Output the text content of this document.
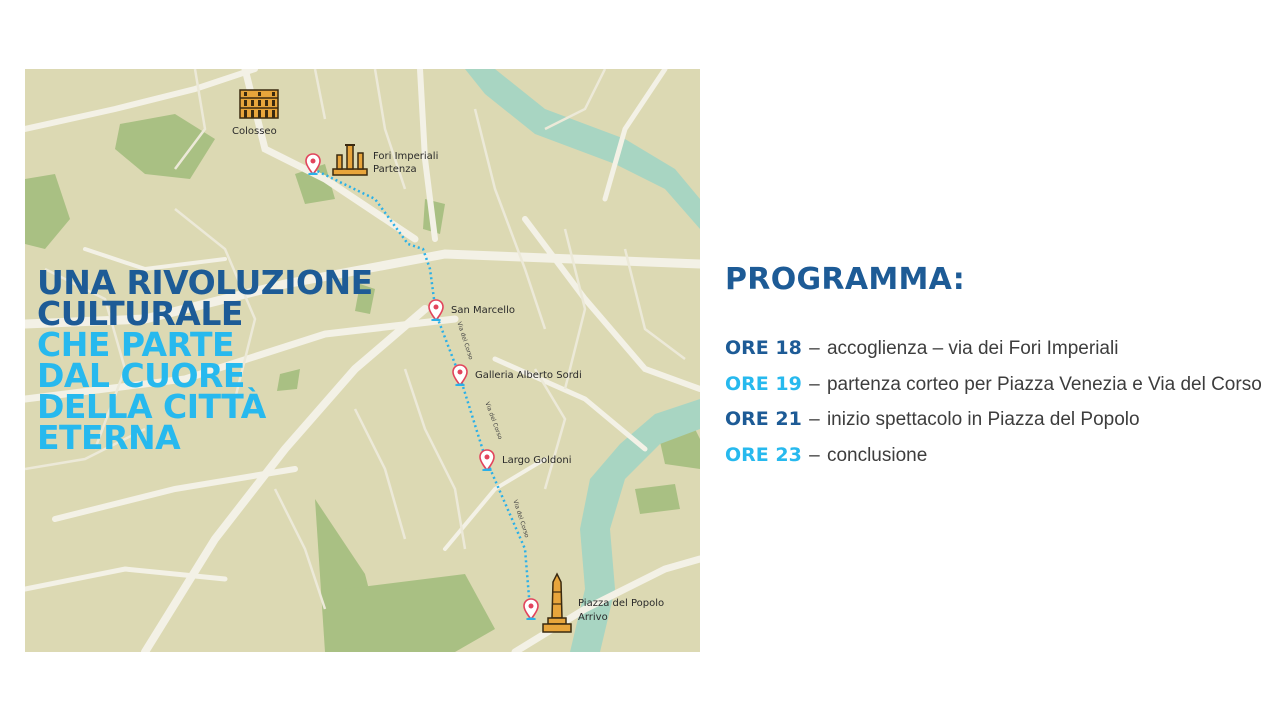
UNA RIVOLUZIONE
CULTURALE
CHE PARTE
DAL CUORE
DELLA CITTÀ
ETERNA
Colosseo
Fori Imperiali
Partenza
San Marcello
Galleria Alberto Sordi
Largo Goldoni
Piazza del Popolo
Arrivo
Via del Corso
Via del Corso
Via del Corso
PROGRAMMA:
ORE 18 – accoglienza – via dei Fori Imperiali
ORE 19 – partenza corteo per Piazza Venezia e Via del Corso
ORE 21 – inizio spettacolo in Piazza del Popolo
ORE 23 – conclusione
